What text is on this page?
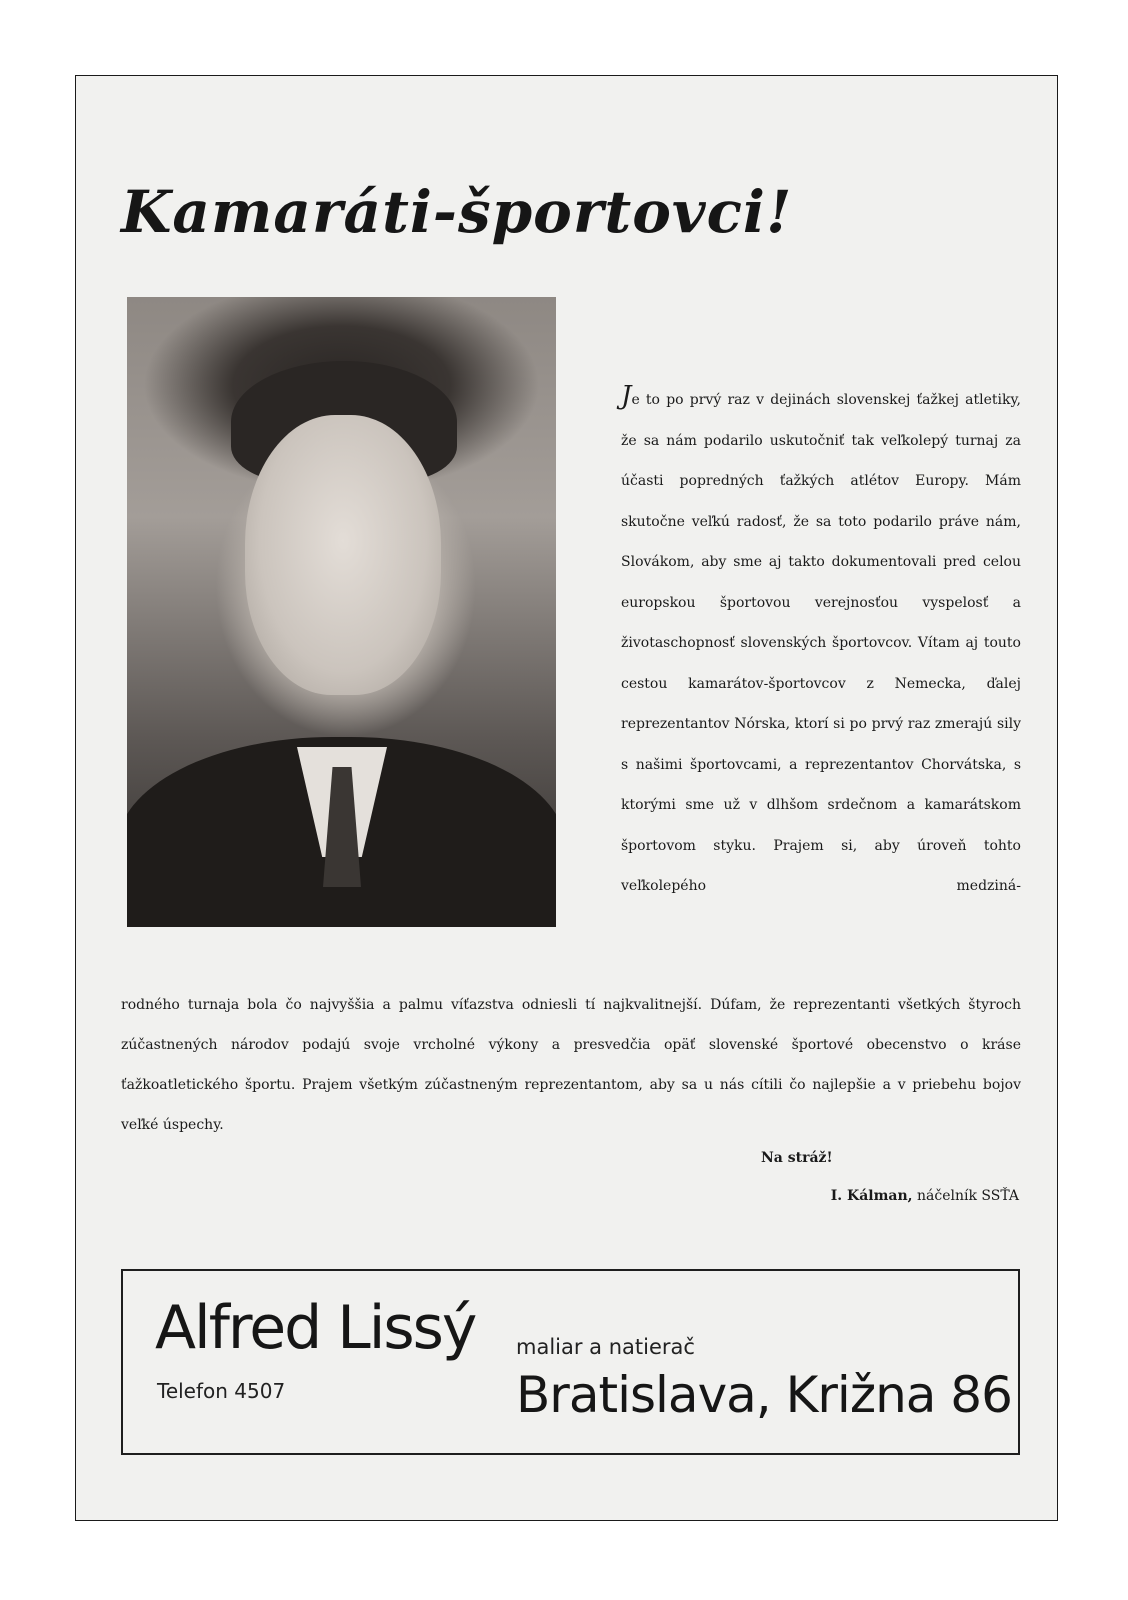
Kamaráti-športovci!

Je to po prvý raz v dejinách slovenskej ťažkej atletiky, že sa nám podarilo uskutočniť tak veľkolepý turnaj za účasti popredných ťažkých atlétov Europy. Mám skutočne veľkú radosť, že sa toto podarilo práve nám, Slovákom, aby sme aj takto dokumentovali pred celou europskou športovou verejnosťou vyspelosť a životaschopnosť slovenských športovcov. Vítam aj touto cestou kamarátov-športovcov z Nemecka, ďalej reprezentantov Nórska, ktorí si po prvý raz zmerajú sily s našimi športovcami, a reprezentantov Chorvátska, s ktorými sme už v dlhšom srdečnom a kamarátskom športovom styku. Prajem si, aby úroveň tohto veľkolepého medziná-

rodného turnaja bola čo najvyššia a palmu víťazstva odniesli tí najkvalitnejší. Dúfam, že reprezentanti všetkých štyroch zúčastnených národov podajú svoje vrcholné výkony a presvedčia opäť slovenské športové obecenstvo o kráse ťažkoatletického športu. Prajem všetkým zúčastneným reprezentantom, aby sa u nás cítili čo najlepšie a v priebehu bojov veľké úspechy.

Na stráž!

I. Kálman, náčelník SSŤA

Alfred Lissý maliar a natierač
Telefon 4507	Bratislava, Križna 86
